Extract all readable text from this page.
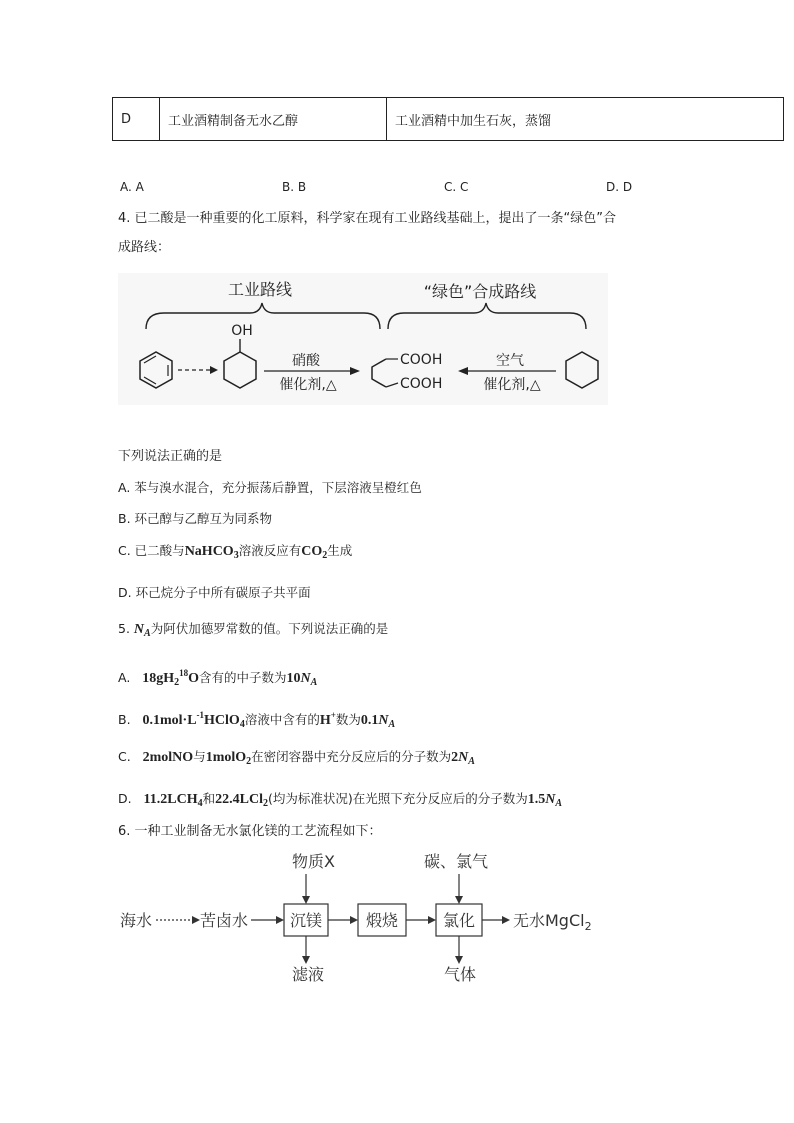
D	工业酒精制备无水乙醇	工业酒精中加生石灰，蒸馏
A. A	B. B	C. C	D. D
4. 已二酸是一种重要的化工原料，科学家在现有工业路线基础上，提出了一条“绿色”合
成路线：
工业路线	“绿色”合成路线
OH
硝酸
催化剂,△
COOH
COOH
空气
催化剂,△
下列说法正确的是
A. 苯与溴水混合，充分振荡后静置，下层溶液呈橙红色
B. 环己醇与乙醇互为同系物
C. 已二酸与NaHCO$_3$溶液反应有$CO_2$生成
D. 环己烷分子中所有碳原子共平面
5. $N_A$为阿伏加德罗常数的值。下列说法正确的是
A. $18gH_2^{18}O$含有的中子数为$10N_A$
B. $0.1mol\cdot L^{-1}HClO_4$溶液中含有的H+数为$0.1N_A$
C. 2molNO与1molO$_2$在密闭容器中充分反应后的分子数为$2N_A$
D. $11.2LCH_4$和22.4LCl$_2$(均为标准状况)在光照下充分反应后的分子数为$1.5N_A$
6. 一种工业制备无水氯化镁的工艺流程如下：
海水	苦卤水
物质X	碳、氯气
滤液	气体
沉镁	煅烧	氯化 无水MgCl$_2$
